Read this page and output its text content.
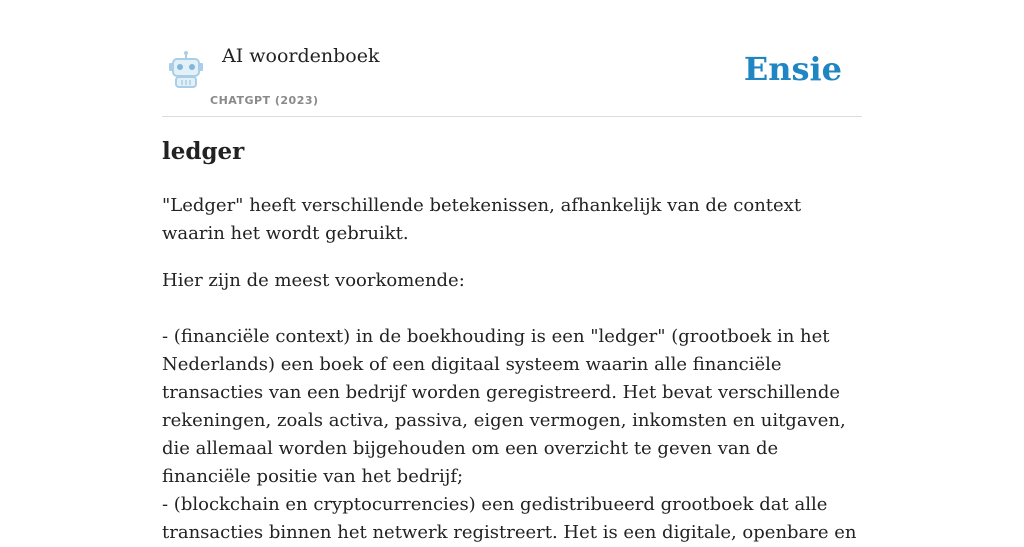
AI woordenboek
CHATGPT (2023)
Ensie
ledger

"Ledger" heeft verschillende betekenissen, afhankelijk van de context waarin het wordt gebruikt.

Hier zijn de meest voorkomende:

- (financiële context) in de boekhouding is een "ledger" (grootboek in het Nederlands) een boek of een digitaal systeem waarin alle financiële transacties van een bedrijf worden geregistreerd. Het bevat verschillende rekeningen, zoals activa, passiva, eigen vermogen, inkomsten en uitgaven, die allemaal worden bijgehouden om een overzicht te geven van de financiële positie van het bedrijf;

- (blockchain en cryptocurrencies) een gedistribueerd grootboek dat alle transacties binnen het netwerk registreert. Het is een digitale, openbare en
